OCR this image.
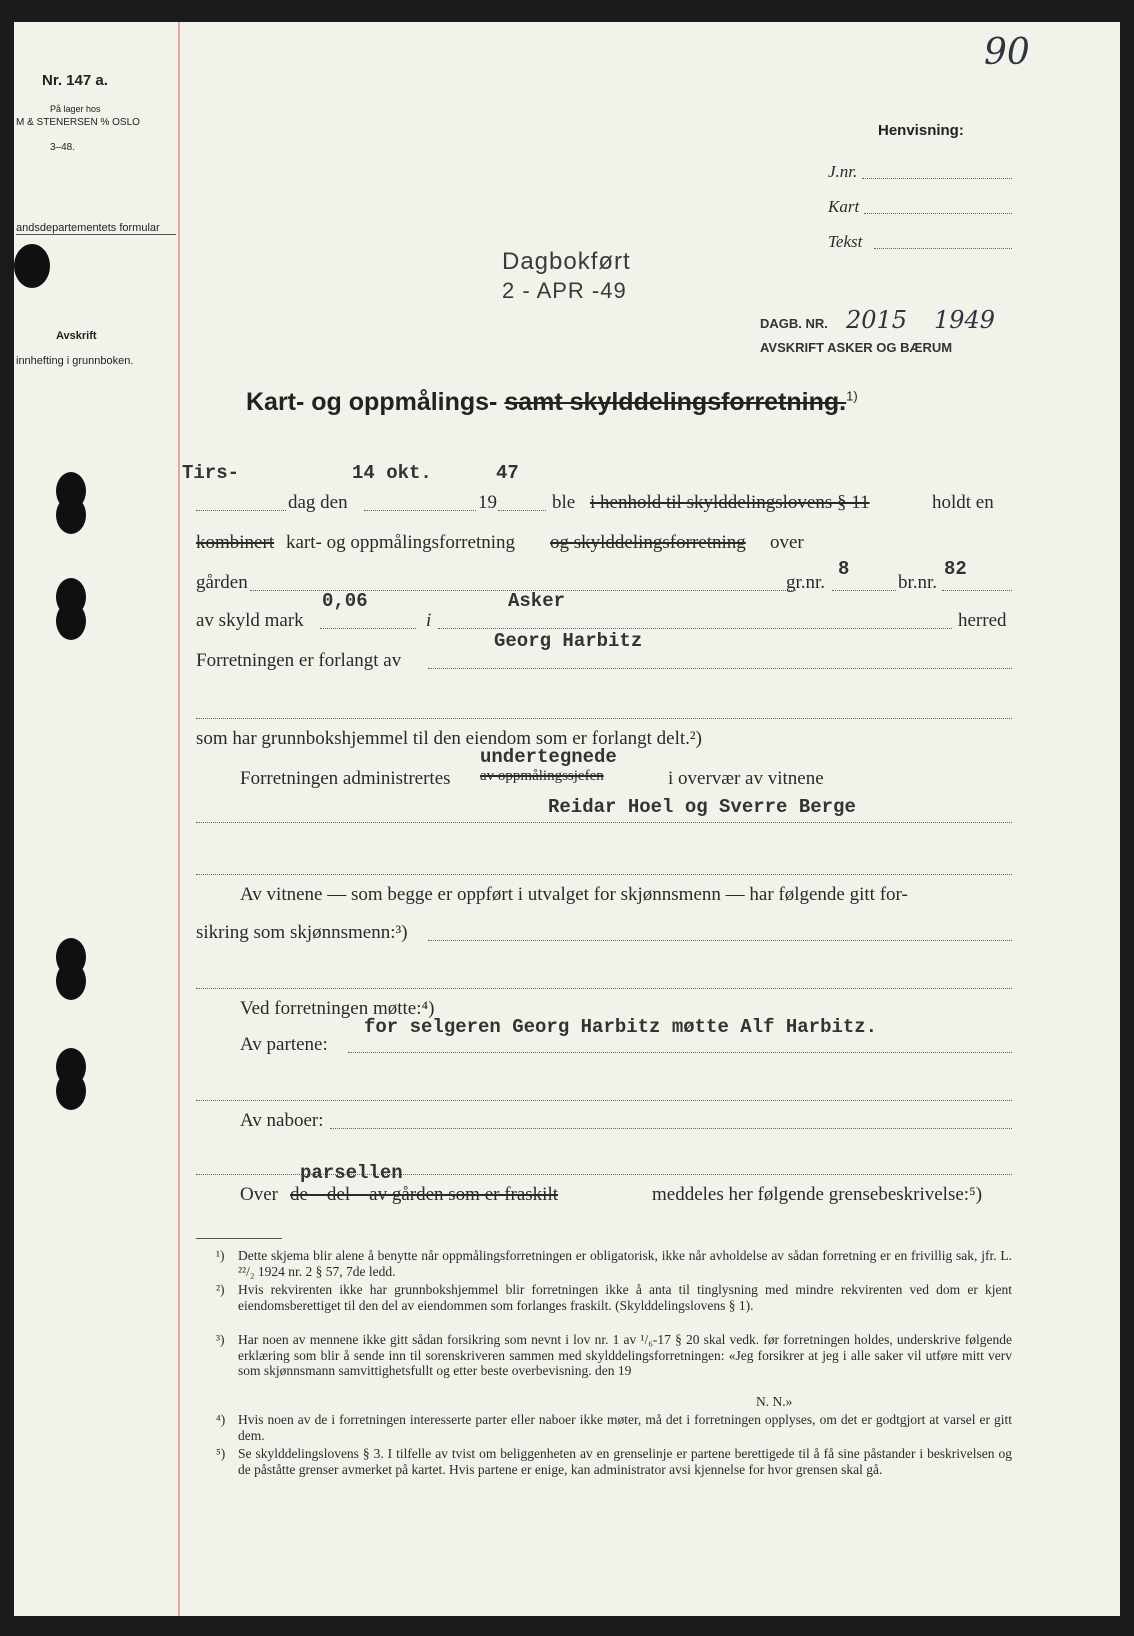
90
Nr. 147 a.
På lager hos
M & STENERSEN % OSLO
3–48.
andsdepartementets formular
Avskrift
innhefting i grunnboken.
Henvisning:
J.nr.
Kart
Tekst
Dagbokført
2 - APR -49
DAGB. NR. 2015 1949
AVSKRIFT ASKER OG BÆRUM
Kart- og oppmålings- samt skylddelingsforretning.$^{1)}$
Tirs-	14 okt.	47
dag den	19	ble i henhold til skylddelingslovens § 11	holdt en
kombinert kart- og oppmålingsforretning og skylddelingsforretning over
gården	gr.nr.
8
br.nr.
82
av skyld mark
0,06
i
Asker
herred
Forretningen er forlangt av
Georg Harbitz
som har grunnbokshjemmel til den eiendom som er forlangt delt.²)
undertegnede
Forretningen administrertes av oppmålingssjefen	i overvær av vitnene
Reidar Hoel og Sverre Berge
Av vitnene — som begge er oppført i utvalget for skjønnsmenn — har følgende gitt for-
sikring som skjønnsmenn:³)
Ved forretningen møtte:⁴)
for selgeren Georg Harbitz møtte Alf Harbitz.
Av partene:
Av naboer:
parsellen
Over de    del    av gården som er fraskilt	meddeles her følgende grensebeskrivelse:⁵)
¹) Dette skjema blir alene å benytte når oppmålingsforretningen er obligatorisk, ikke når avholdelse av sådan forretning er en frivillig sak, jfr. L. ²²/₂ 1924 nr. 2 § 57, 7de ledd.
²) Hvis rekvirenten ikke har grunnbokshjemmel blir forretningen ikke å anta til tinglysning med mindre rekvirenten ved dom er kjent eiendomsberettiget til den del av eiendommen som forlanges fraskilt. (Skylddelingslovens § 1).
³) Har noen av mennene ikke gitt sådan forsikring som nevnt i lov nr. 1 av ¹/₆-17 § 20 skal vedk. før forretningen holdes, underskrive følgende erklæring som blir å sende inn til sorenskriveren sammen med skylddelingsforretningen: «Jeg forsikrer at jeg i alle saker vil utføre mitt verv som skjønnsmann samvittighetsfullt og etter beste overbevisning. den 19
N. N.»
⁴) Hvis noen av de i forretningen interesserte parter eller naboer ikke møter, må det i forretningen opplyses, om det er godtgjort at varsel er gitt dem.
⁵) Se skylddelingslovens § 3. I tilfelle av tvist om beliggenheten av en grenselinje er partene berettigede til å få sine påstander i beskrivelsen og de påståtte grenser avmerket på kartet. Hvis partene er enige, kan administrator avsi kjennelse for hvor grensen skal gå.
